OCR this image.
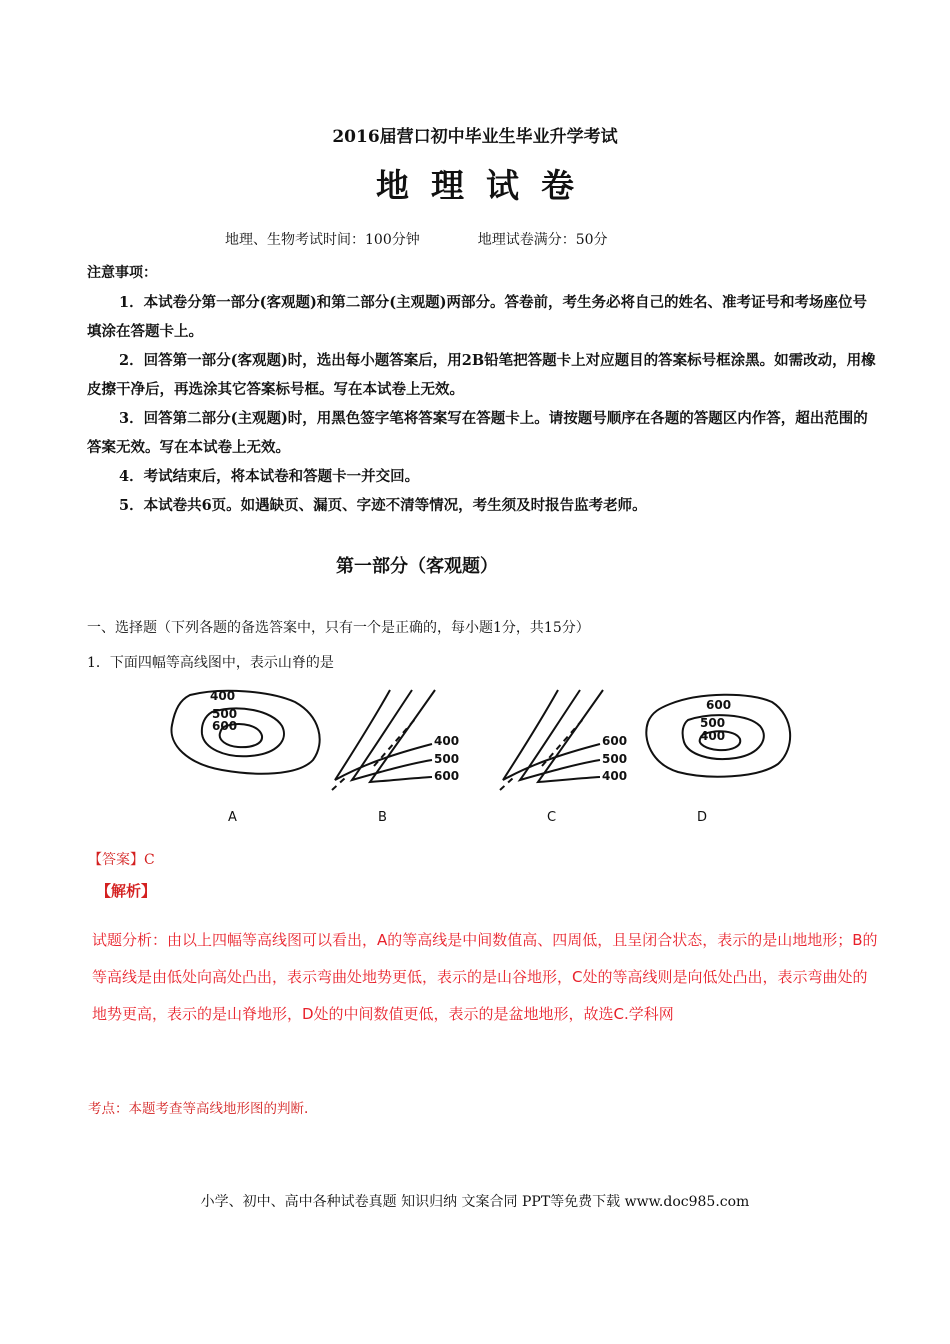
2016届营口初中毕业生毕业升学考试
地理试卷
地理、生物考试时间：100分钟	地理试卷满分：50分
注意事项：

1．本试卷分第一部分(客观题)和第二部分(主观题)两部分。答卷前，考生务必将自己的姓名、准考证号和考场座位号填涂在答题卡上。

2．回答第一部分(客观题)时，选出每小题答案后，用2B铅笔把答题卡上对应题目的答案标号框涂黑。如需改动，用橡皮擦干净后，再选涂其它答案标号框。写在本试卷上无效。

3．回答第二部分(主观题)时，用黑色签字笔将答案写在答题卡上。请按题号顺序在各题的答题区内作答，超出范围的答案无效。写在本试卷上无效。

4．考试结束后，将本试卷和答题卡一并交回。

5．本试卷共6页。如遇缺页、漏页、字迹不清等情况，考生须及时报告监考老师。

第一部分（客观题）
一、选择题（下列各题的备选答案中，只有一个是正确的，每小题1分，共15分）
1．下面四幅等高线图中，表示山脊的是
400
500
600
400
500
600
600
500
400
600
500
400
A	B	C	D
【答案】C
【解析】
试题分析：由以上四幅等高线图可以看出，A的等高线是中间数值高、四周低，且呈闭合状态，表示的是山地地形；B的等高线是由低处向高处凸出，表示弯曲处地势更低，表示的是山谷地形，C处的等高线则是向低处凸出，表示弯曲处的地势更高，表示的是山脊地形，D处的中间数值更低，表示的是盆地地形，故选C.学科网
考点：本题考查等高线地形图的判断.
小学、初中、高中各种试卷真题 知识归纳 文案合同 PPT等免费下载 www.doc985.com
